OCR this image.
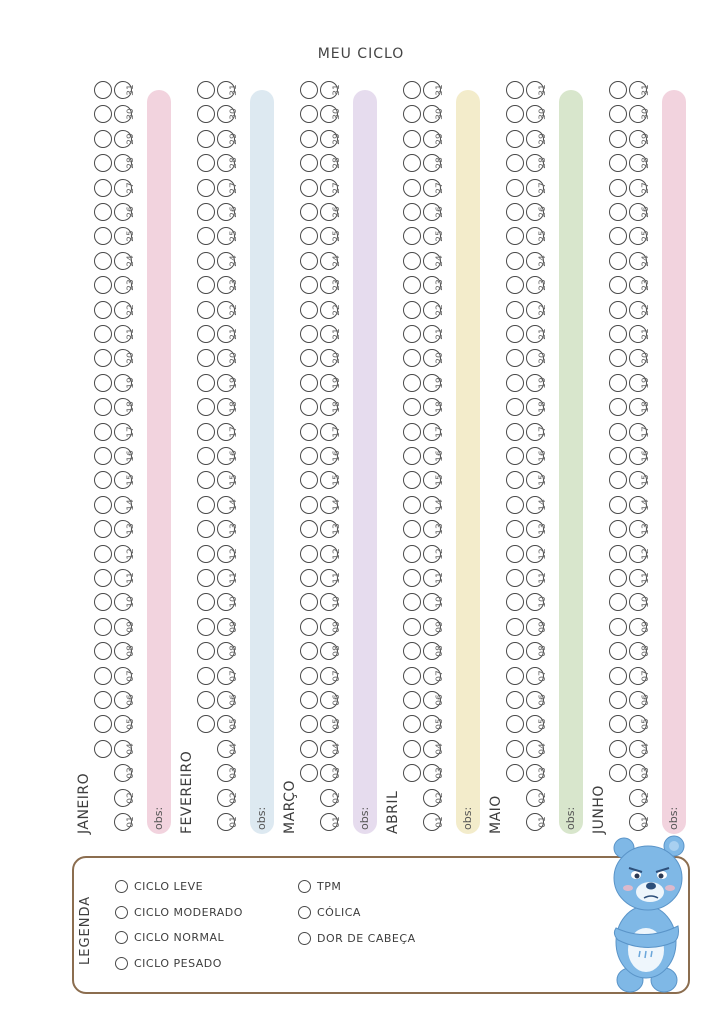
MEU CICLO
JANEIRO	01
02
03
04
05
06
07
08
09
10
11
12
13
14
15
16
17
18
19
20
21
22
23
24
25
26
27
28
29
30
31
obs: FEVEREIRO	01
02
03
04
05
06
07
08
09
10
11
12
13
14
15
16
17
18
19
20
21
22
23
24
25
26
27
28
29
30
31
obs: MARÇO	01
02
03
04
05
06
07
08
09
10
11
12
13
14
15
16
17
18
19
20
21
22
23
24
25
26
27
28
29
30
31
obs: ABRIL	01
02
03
04
05
06
07
08
09
10
11
12
13
14
15
16
17
18
19
20
21
22
23
24
25
26
27
28
29
30
31
obs: MAIO	01
02
03
04
05
06
07
08
09
10
11
12
13
14
15
16
17
18
19
20
21
22
23
24
25
26
27
28
29
30
31
obs: JUNHO	01
02
03
04
05
06
07
08
09
10
11
12
13
14
15
16
17
18
19
20
21
22
23
24
25
26
27
28
29
30
31
obs:
LEGENDA
CICLO LEVE
CICLO MODERADO
CICLO NORMAL
CICLO PESADO
TPM
CÓLICA
DOR DE CABEÇA
